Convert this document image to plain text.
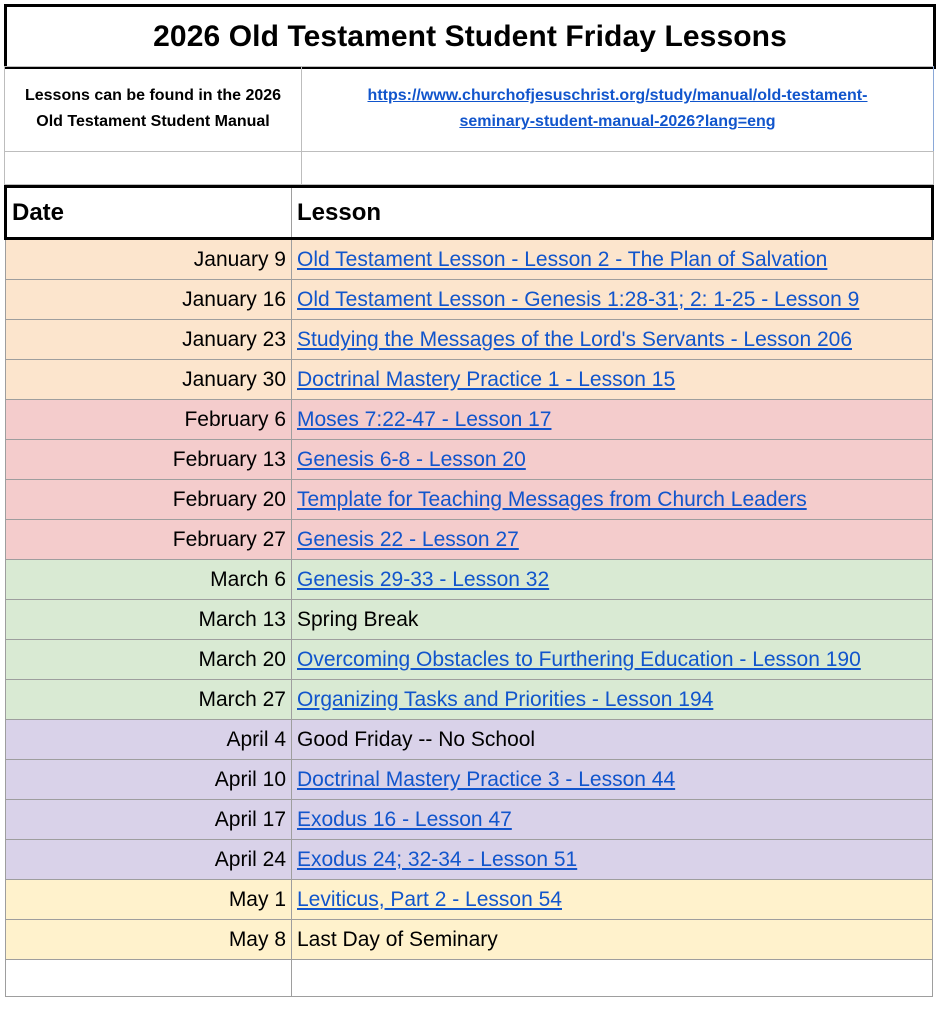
2026 Old Testament Student Friday Lessons
Lessons can be found in the 2026 Old Testament Student Manual	https://www.churchofjesuschrist.org/study/manual/old-testament-
seminary-student-manual-2026?lang=eng

Date	Lesson
January 9	Old Testament Lesson - Lesson 2 - The Plan of Salvation
January 16	Old Testament Lesson - Genesis 1:28-31; 2: 1-25 - Lesson 9
January 23	Studying the Messages of the Lord's Servants - Lesson 206
January 30	Doctrinal Mastery Practice 1 - Lesson 15
February 6	Moses 7:22-47 - Lesson 17
February 13	Genesis 6-8 - Lesson 20
February 20	Template for Teaching Messages from Church Leaders
February 27	Genesis 22 - Lesson 27
March 6	Genesis 29-33 - Lesson 32
March 13	Spring Break
March 20	Overcoming Obstacles to Furthering Education - Lesson 190
March 27	Organizing Tasks and Priorities - Lesson 194
April 4	Good Friday -- No School
April 10	Doctrinal Mastery Practice 3 - Lesson 44
April 17	Exodus 16 - Lesson 47
April 24	Exodus 24; 32-34 - Lesson 51
May 1	Leviticus, Part 2 - Lesson 54
May 8	Last Day of Seminary
